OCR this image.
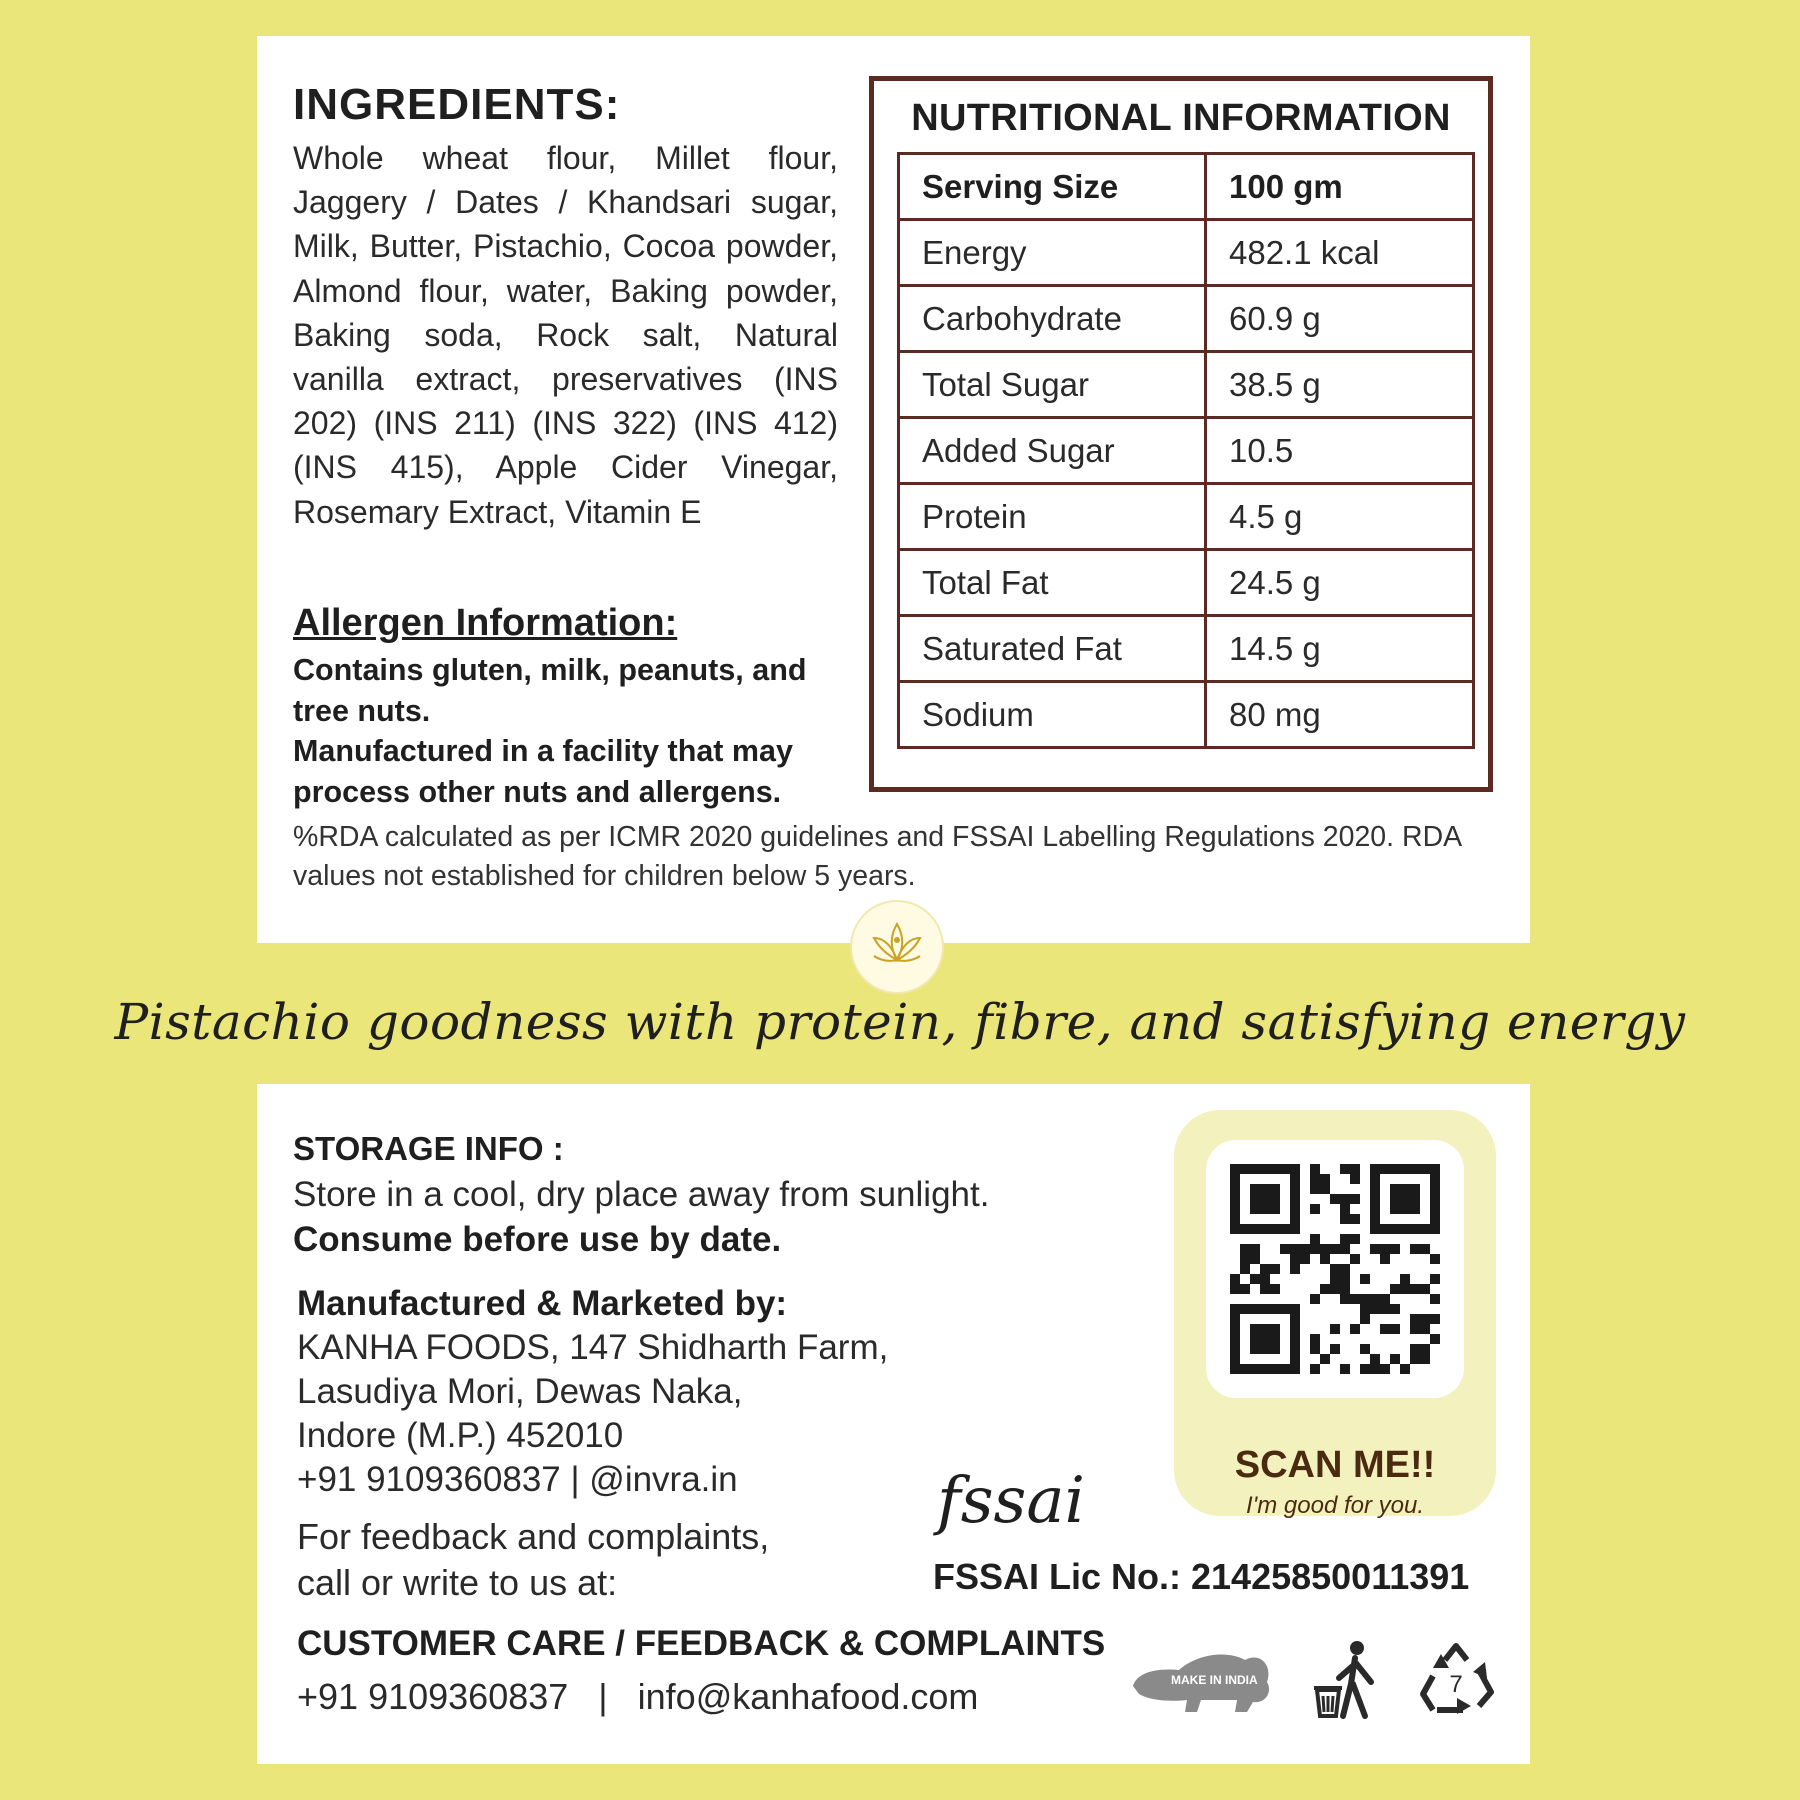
INGREDIENTS:

Whole wheat flour, Millet flour, Jaggery / Dates / Khandsari sugar, Milk, Butter, Pistachio, Cocoa powder, Almond flour, water, Baking powder, Baking soda, Rock salt, Natural vanilla extract, preservatives (INS 202) (INS 211) (INS 322) (INS 412) (INS 415), Apple Cider Vinegar, Rosemary Extract, Vitamin E

Allergen Information:

Contains gluten, milk, peanuts, and tree nuts.

Manufactured in a facility that may process other nuts and allergens.

NUTRITIONAL INFORMATION
Serving Size	100 gm
Energy	482.1 kcal
Carbohydrate	60.9 g
Total Sugar	38.5 g
Added Sugar	10.5
Protein	4.5 g
Total Fat	24.5 g
Saturated Fat	14.5 g
Sodium	80 mg

%RDA calculated as per ICMR 2020 guidelines and FSSAI Labelling Regulations 2020. RDA values not established for children below 5 years.

Pistachio goodness with protein, fibre, and satisfying energy
STORAGE INFO :
Store in a cool, dry place away from sunlight.
Consume before use by date.
Manufactured & Marketed by:
KANHA FOODS, 147 Shidharth Farm,
Lasudiya Mori, Dewas Naka,
Indore (M.P.) 452010
+91 9109360837 | @invra.in
For feedback and complaints,
call or write to us at:
CUSTOMER CARE / FEEDBACK & COMPLAINTS
+91 9109360837   |   info@kanhafood.com
SCAN ME!!
I'm good for you.
fssai
FSSAI Lic No.: 21425850011391
MAKE IN INDIA	7
